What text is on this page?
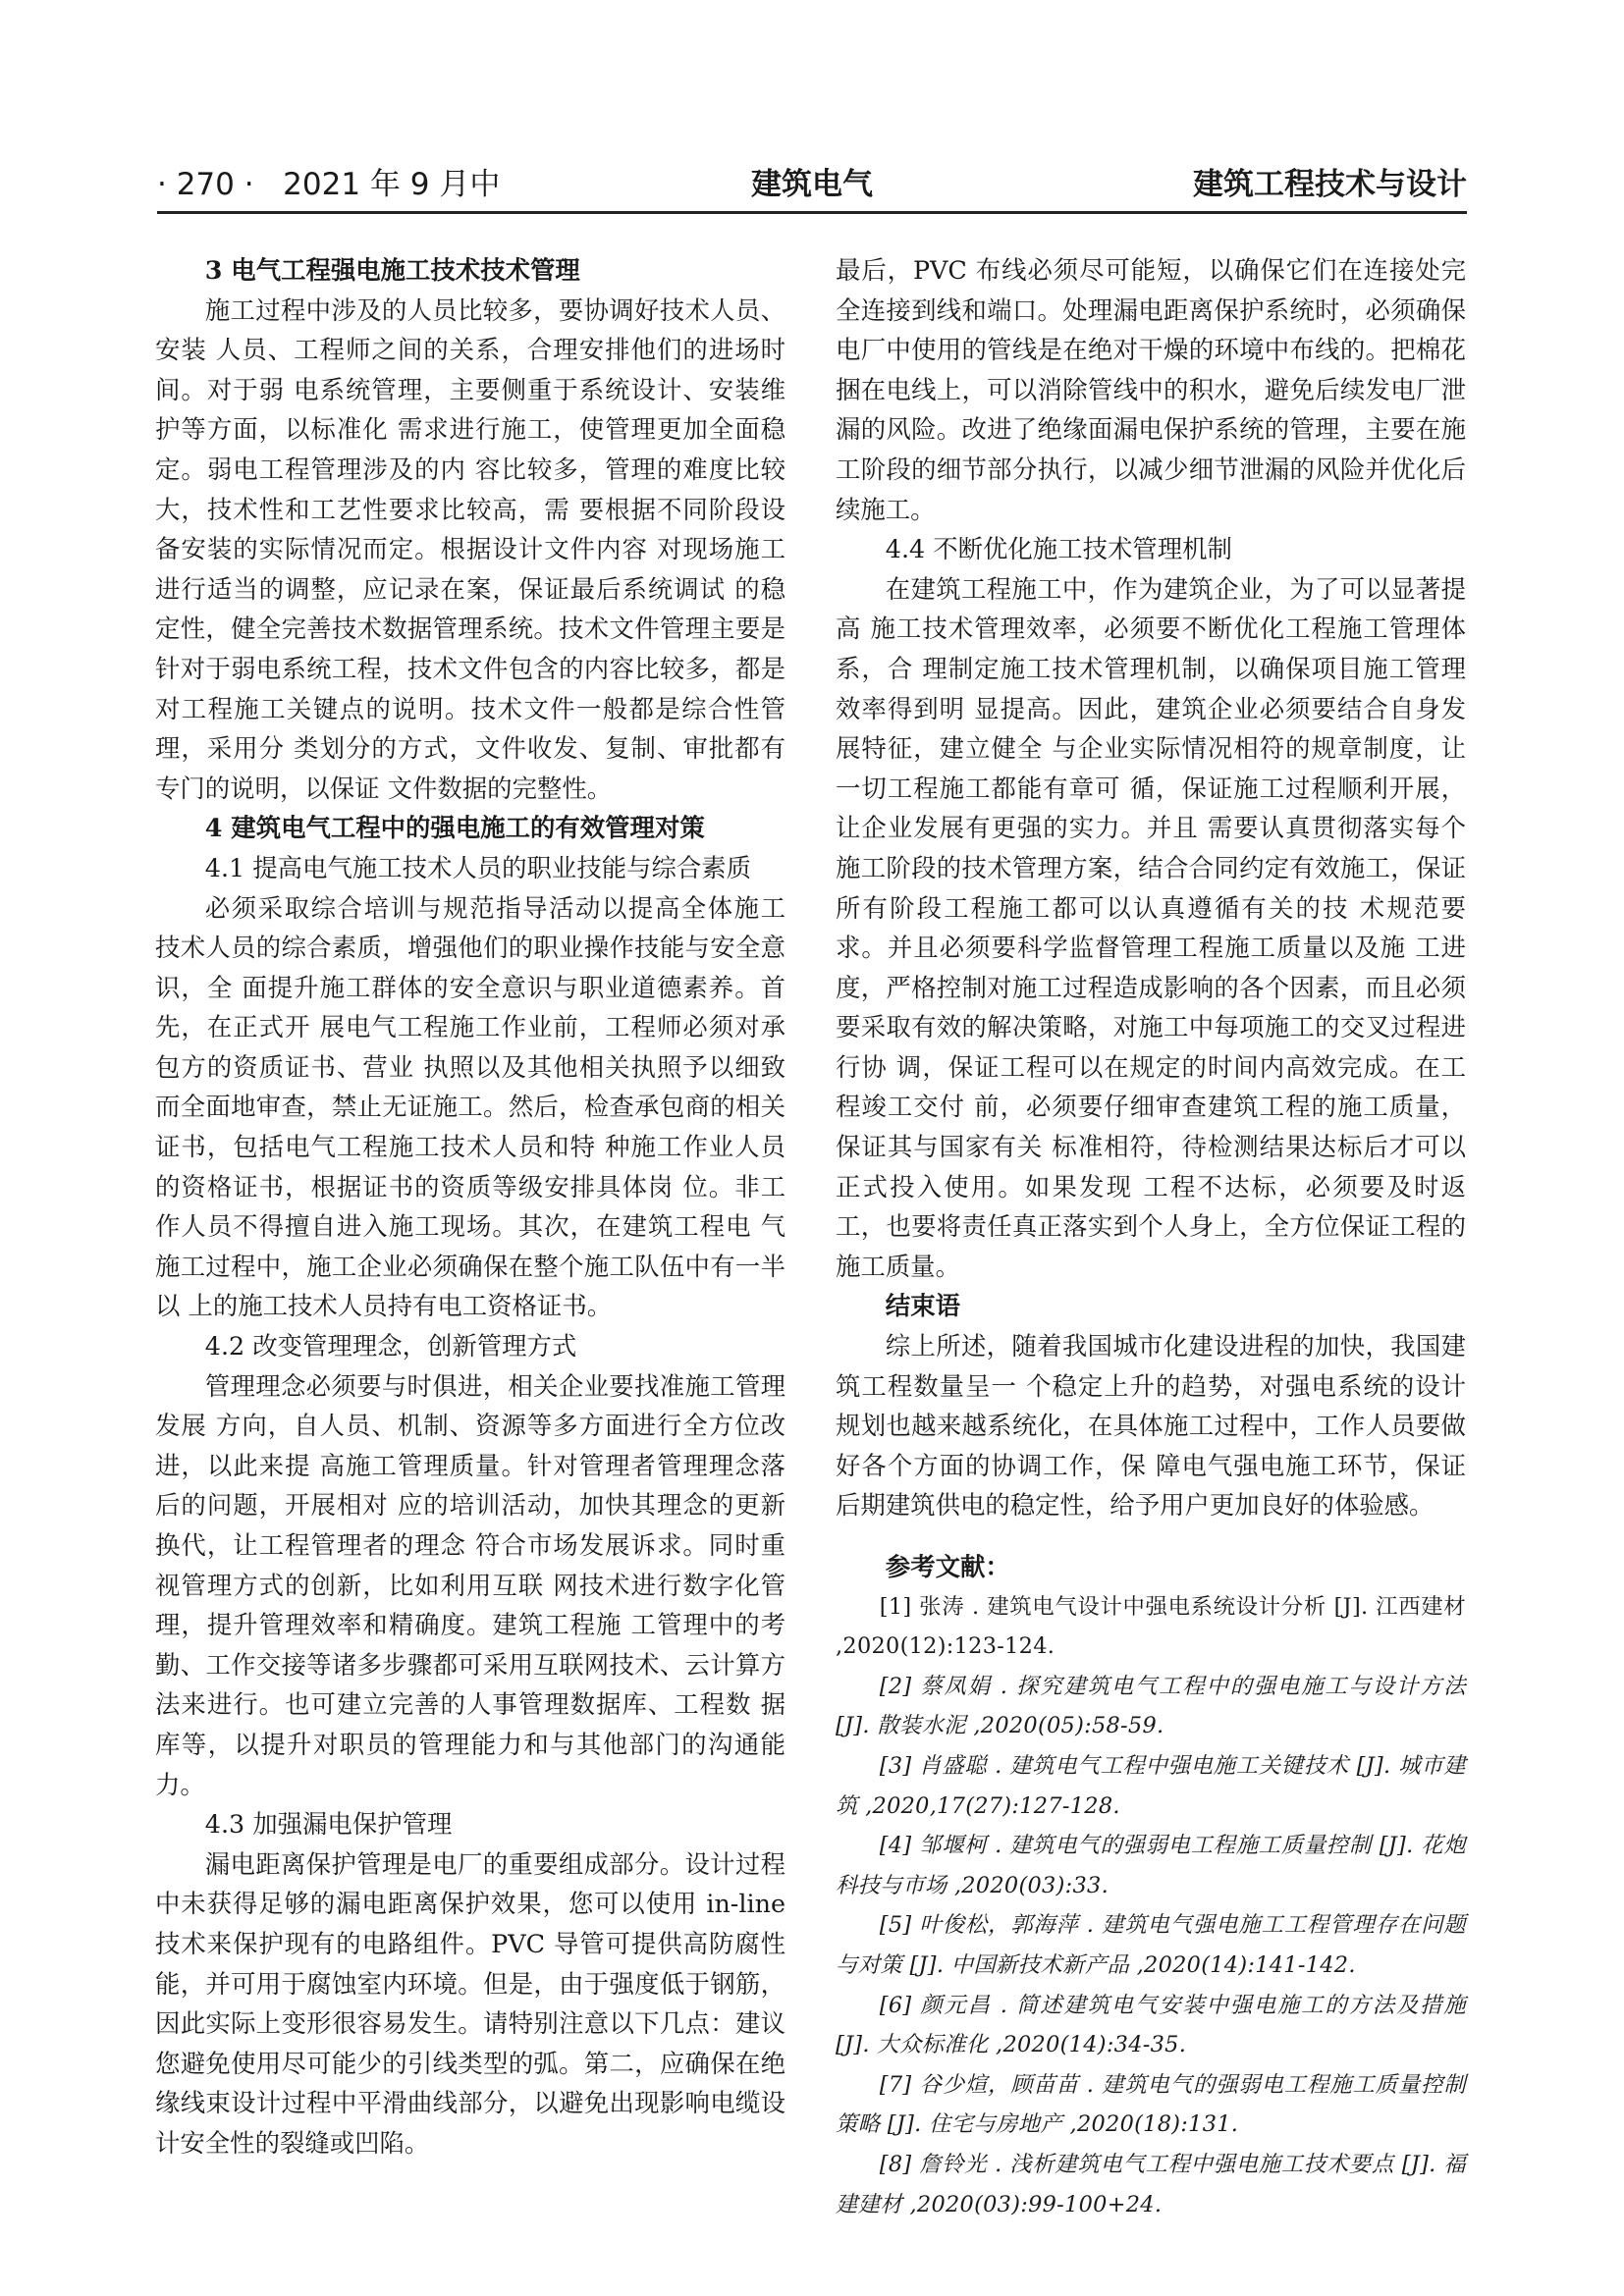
· 270 · 2021 年 9 月中	建筑电气	建筑工程技术与设计
3 电气工程强电施工技术技术管理

施工过程中涉及的人员比较多，要协调好技术人员、安装 人员、工程师之间的关系，合理安排他们的进场时间。对于弱 电系统管理，主要侧重于系统设计、安装维护等方面，以标准化 需求进行施工，使管理更加全面稳定。弱电工程管理涉及的内 容比较多，管理的难度比较大，技术性和工艺性要求比较高，需 要根据不同阶段设备安装的实际情况而定。根据设计文件内容 对现场施工进行适当的调整，应记录在案，保证最后系统调试 的稳定性，健全完善技术数据管理系统。技术文件管理主要是 针对于弱电系统工程，技术文件包含的内容比较多，都是对工程施工关键点的说明。技术文件一般都是综合性管理，采用分 类划分的方式，文件收发、复制、审批都有专门的说明，以保证 文件数据的完整性。

4 建筑电气工程中的强电施工的有效管理对策
4.1 提高电气施工技术人员的职业技能与综合素质

必须采取综合培训与规范指导活动以提高全体施工 技术人员的综合素质，增强他们的职业操作技能与安全意识，全 面提升施工群体的安全意识与职业道德素养。首先，在正式开 展电气工程施工作业前，工程师必须对承包方的资质证书、营业 执照以及其他相关执照予以细致而全面地审查，禁止无证施工。然后，检查承包商的相关证书，包括电气工程施工技术人员和特 种施工作业人员的资格证书，根据证书的资质等级安排具体岗 位。非工作人员不得擅自进入施工现场。其次，在建筑工程电 气施工过程中，施工企业必须确保在整个施工队伍中有一半以 上的施工技术人员持有电工资格证书。

4.2 改变管理理念，创新管理方式

管理理念必须要与时俱进，相关企业要找准施工管理发展 方向，自人员、机制、资源等多方面进行全方位改进，以此来提 高施工管理质量。针对管理者管理理念落后的问题，开展相对 应的培训活动，加快其理念的更新换代，让工程管理者的理念 符合市场发展诉求。同时重视管理方式的创新，比如利用互联 网技术进行数字化管理，提升管理效率和精确度。建筑工程施 工管理中的考勤、工作交接等诸多步骤都可采用互联网技术、云计算方法来进行。也可建立完善的人事管理数据库、工程数 据库等，以提升对职员的管理能力和与其他部门的沟通能力。

4.3 加强漏电保护管理

漏电距离保护管理是电厂的重要组成部分。设计过程中未获得足够的漏电距离保护效果，您可以使用 in-line 技术来保护现有的电路组件。PVC 导管可提供高防腐性能，并可用于腐蚀室内环境。但是，由于强度低于钢筋，因此实际上变形很容易发生。请特别注意以下几点：建议您避免使用尽可能少的引线类型的弧。第二，应确保在绝缘线束设计过程中平滑曲线部分，以避免出现影响电缆设计安全性的裂缝或凹陷。

最后，PVC 布线必须尽可能短，以确保它们在连接处完全连接到线和端口。处理漏电距离保护系统时，必须确保电厂中使用的管线是在绝对干燥的环境中布线的。把棉花捆在电线上，可以消除管线中的积水，避免后续发电厂泄漏的风险。改进了绝缘面漏电保护系统的管理，主要在施工阶段的细节部分执行，以减少细节泄漏的风险并优化后续施工。

4.4 不断优化施工技术管理机制

在建筑工程施工中，作为建筑企业，为了可以显著提高 施工技术管理效率，必须要不断优化工程施工管理体系，合 理制定施工技术管理机制，以确保项目施工管理效率得到明 显提高。因此，建筑企业必须要结合自身发展特征，建立健全 与企业实际情况相符的规章制度，让一切工程施工都能有章可 循，保证施工过程顺利开展，让企业发展有更强的实力。并且 需要认真贯彻落实每个施工阶段的技术管理方案，结合合同约定有效施工，保证所有阶段工程施工都可以认真遵循有关的技 术规范要求。并且必须要科学监督管理工程施工质量以及施 工进度，严格控制对施工过程造成影响的各个因素，而且必须 要采取有效的解决策略，对施工中每项施工的交叉过程进行协 调，保证工程可以在规定的时间内高效完成。在工程竣工交付 前，必须要仔细审查建筑工程的施工质量，保证其与国家有关 标准相符，待检测结果达标后才可以正式投入使用。如果发现 工程不达标，必须要及时返工，也要将责任真正落实到个人身上，全方位保证工程的施工质量。

结束语

综上所述，随着我国城市化建设进程的加快，我国建筑工程数量呈一 个稳定上升的趋势，对强电系统的设计规划也越来越系统化，在具体施工过程中，工作人员要做好各个方面的协调工作，保 障电气强电施工环节，保证后期建筑供电的稳定性，给予用户更加良好的体验感。

参考文献：

[1] 张涛 . 建筑电气设计中强电系统设计分析 [J]. 江西建材 ,2020(12):123-124.

[2] 蔡凤娟 . 探究建筑电气工程中的强电施工与设计方法 [J]. 散装水泥 ,2020(05):58-59.

[3] 肖盛聪 . 建筑电气工程中强电施工关键技术 [J]. 城市建筑 ,2020,17(27):127-128.

[4] 邹堰柯 . 建筑电气的强弱电工程施工质量控制 [J]. 花炮科技与市场 ,2020(03):33.

[5] 叶俊松，郭海萍 . 建筑电气强电施工工程管理存在问题与对策 [J]. 中国新技术新产品 ,2020(14):141-142.

[6] 颜元昌 . 简述建筑电气安装中强电施工的方法及措施 [J]. 大众标准化 ,2020(14):34-35.

[7] 谷少煊，顾苗苗 . 建筑电气的强弱电工程施工质量控制策略 [J]. 住宅与房地产 ,2020(18):131.

[8] 詹铃光 . 浅析建筑电气工程中强电施工技术要点 [J]. 福建建材 ,2020(03):99-100+24.
